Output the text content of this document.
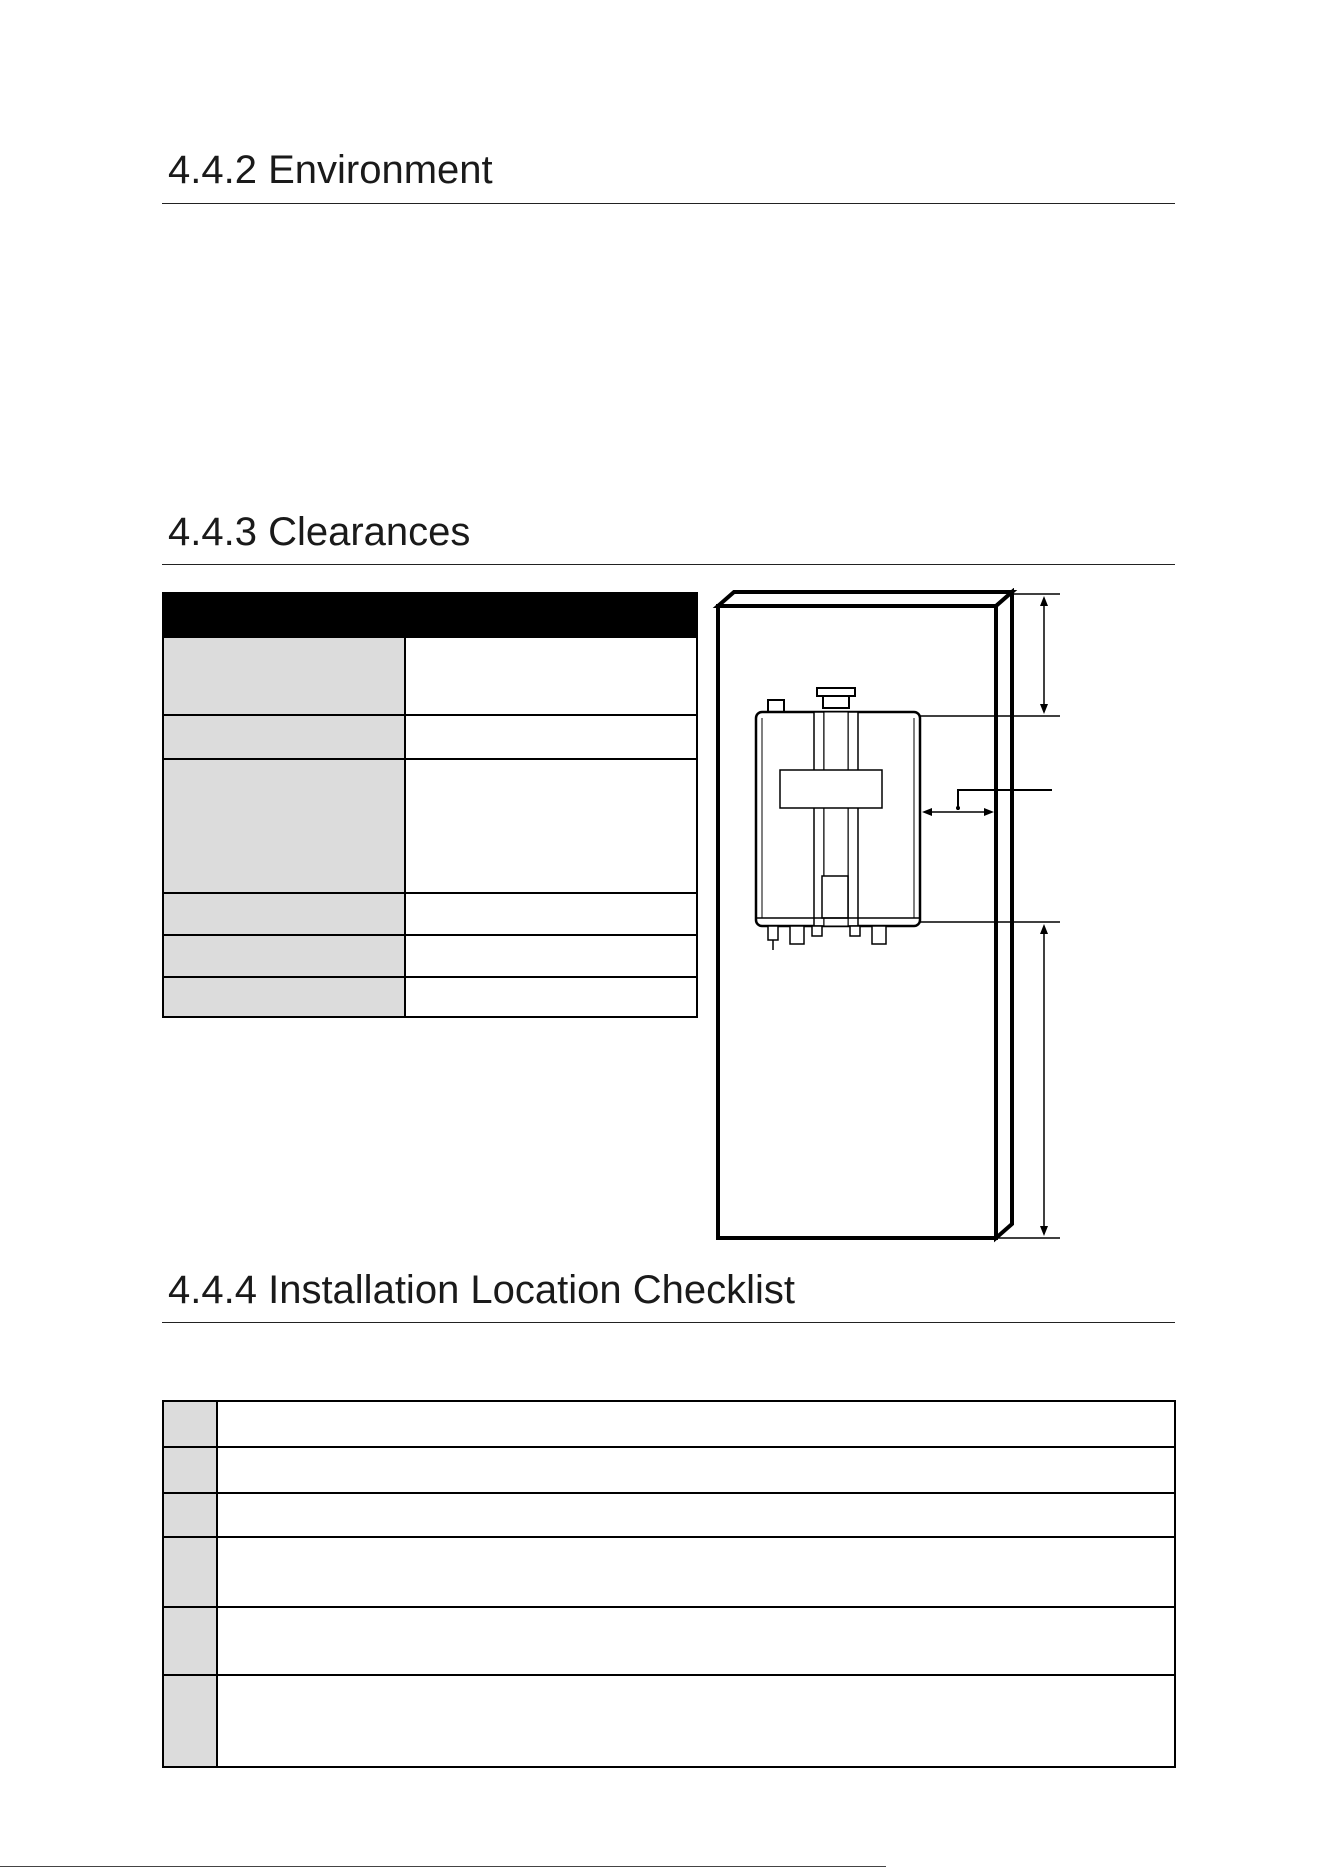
4.4.2 Environment
4.4.3 Clearances
4.4.4 Installation Location Checklist
